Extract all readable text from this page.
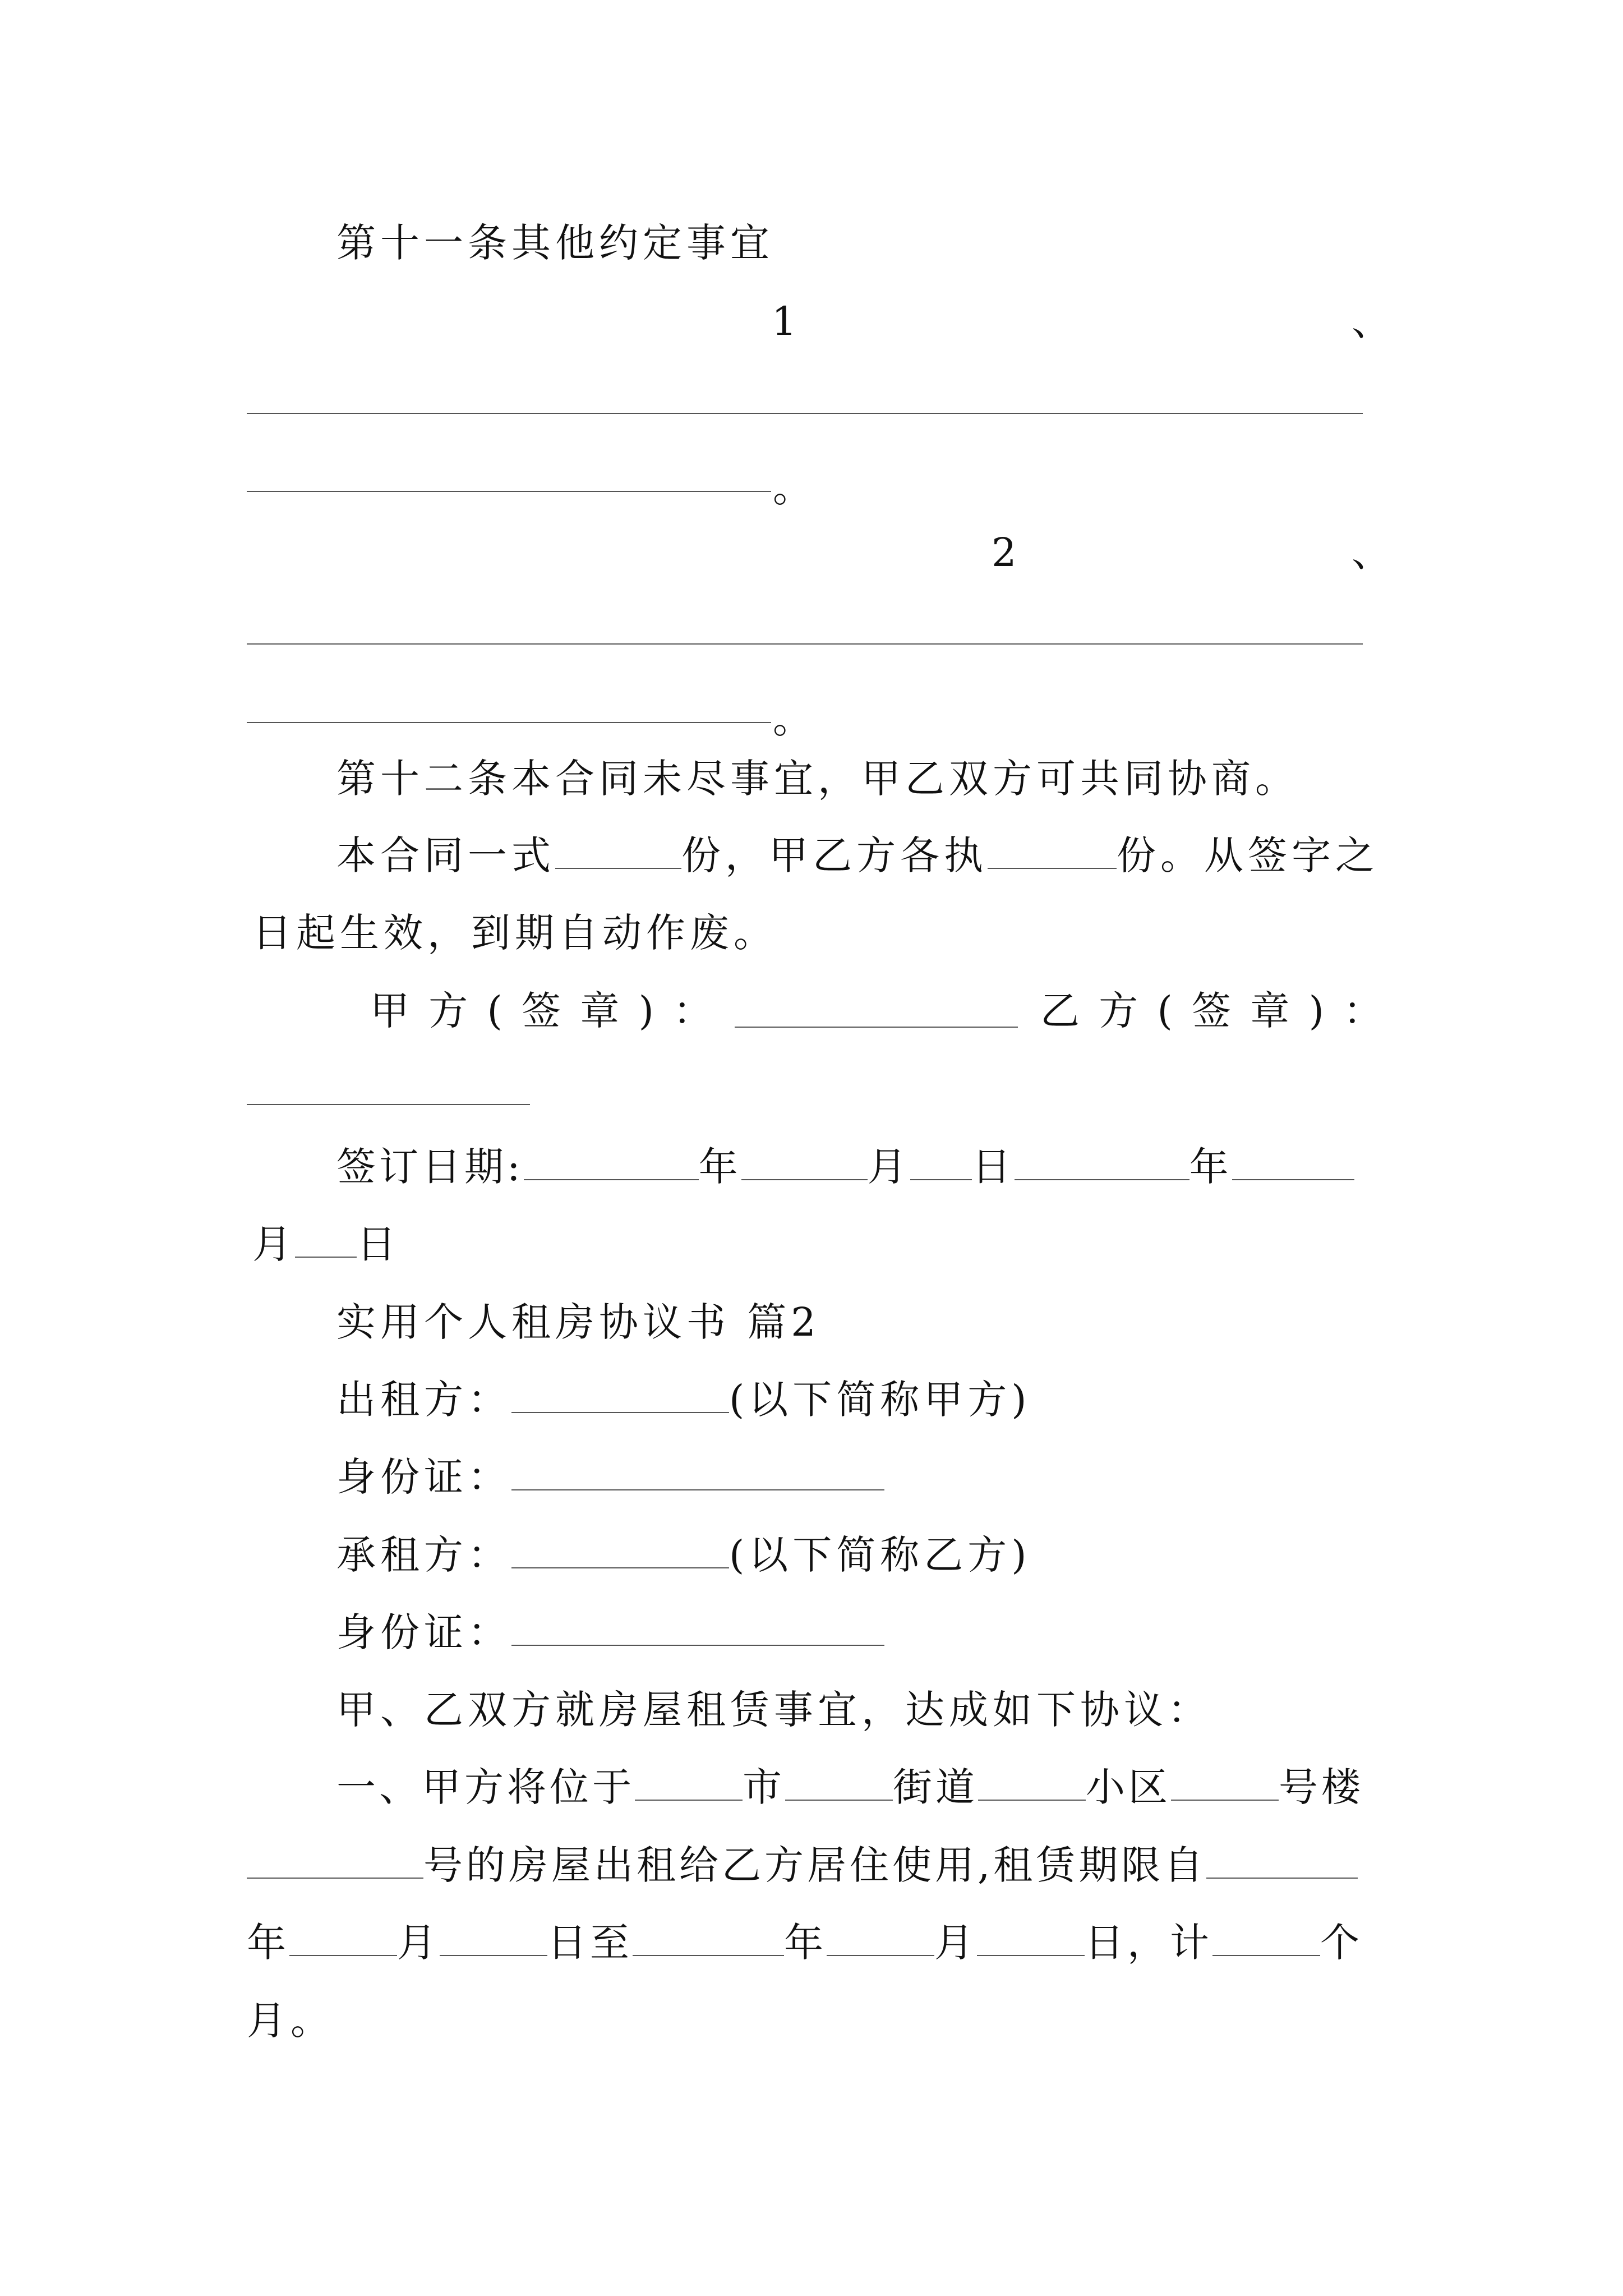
第十一条其他约定事宜
1	、
。
2	、
。
第十二条本合同未尽事宜，甲乙双方可共同协商。
本合同一式	份，甲乙方各执	份。从签字之
日起生效，到期自动作废。
甲 方 ( 签 章 ) ：	乙 方 ( 签 章 ) ：
签订日期:	年	月 日	年
月 日
实用个人租房协议书 篇2
出租方：	(以下简称甲方)
身份证：
承租方：	(以下简称乙方)
身份证：
甲、乙双方就房屋租赁事宜，达成如下协议：
一、甲方将位于	市	街道	小区	号楼
号的房屋出租给乙方居住使用,租赁期限自
年	月	日至	年	月	日，计	个
月。
